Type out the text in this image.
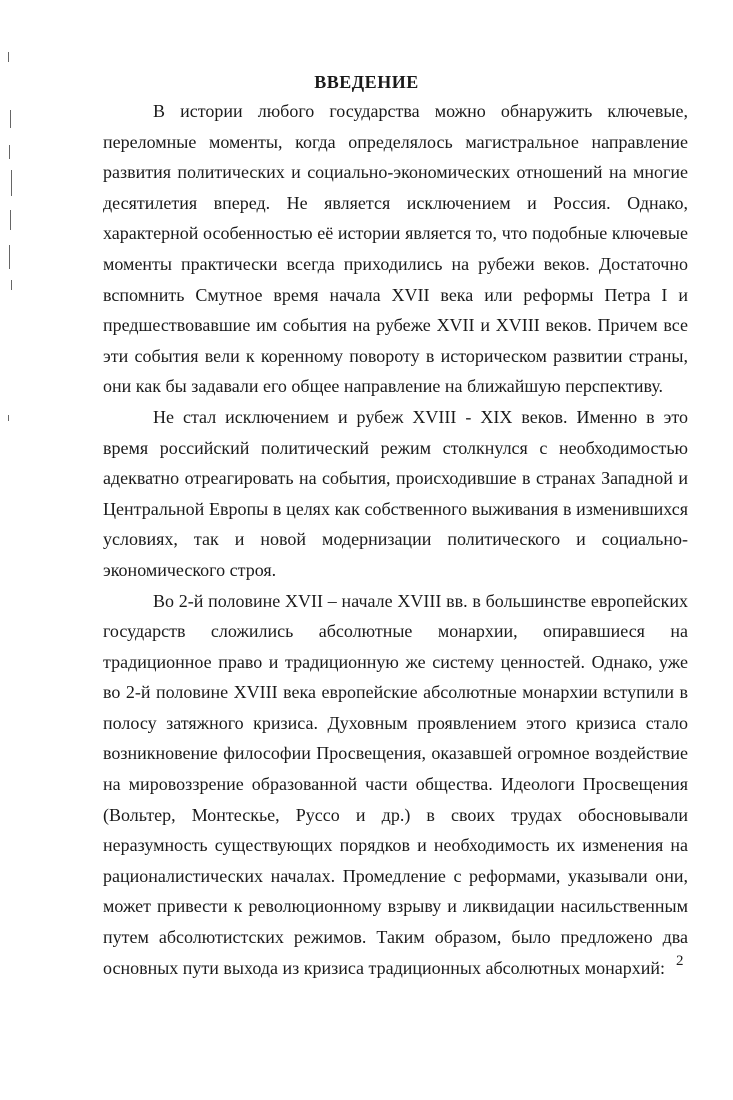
ВВЕДЕНИЕ

В истории любого государства можно обнаружить ключевые, переломные моменты, когда определялось магистральное направление развития политических и социально-экономических отношений на многие десятилетия вперед. Не является исключением и Россия. Однако, характерной особенностью её истории является то, что подобные ключевые моменты практически всегда приходились на рубежи веков. Достаточно вспомнить Смутное время начала XVII века или реформы Петра I и предшествовавшие им события на рубеже XVII и XVIII веков. Причем все эти события вели к коренному повороту в историческом развитии страны, они как бы задавали его общее направление на ближайшую перспективу.

Не стал исключением и рубеж XVIII - XIX веков. Именно в это время российский политический режим столкнулся с необходимостью адекватно отреагировать на события, происходившие в странах Западной и Центральной Европы в целях как собственного выживания в изменившихся условиях, так и новой модернизации политического и социально-экономического строя.

Во 2-й половине XVII – начале XVIII вв. в большинстве европейских государств сложились абсолютные монархии, опиравшиеся на традиционное право и традиционную же систему ценностей. Однако, уже во 2-й половине XVIII века европейские абсолютные монархии вступили в полосу затяжного кризиса. Духовным проявлением этого кризиса стало возникновение философии Просвещения, оказавшей огромное воздействие на мировоззрение образованной части общества. Идеологи Просвещения (Вольтер, Монтескье, Руссо и др.) в своих трудах обосновывали неразумность существующих порядков и необходимость их изменения на рационалистических началах. Промедление с реформами, указывали они, может привести к революционному взрыву и ликвидации насильственным путем абсолютистских режимов. Таким образом, было предложено два основных пути выхода из кризиса традиционных абсолютных монархий: 2
